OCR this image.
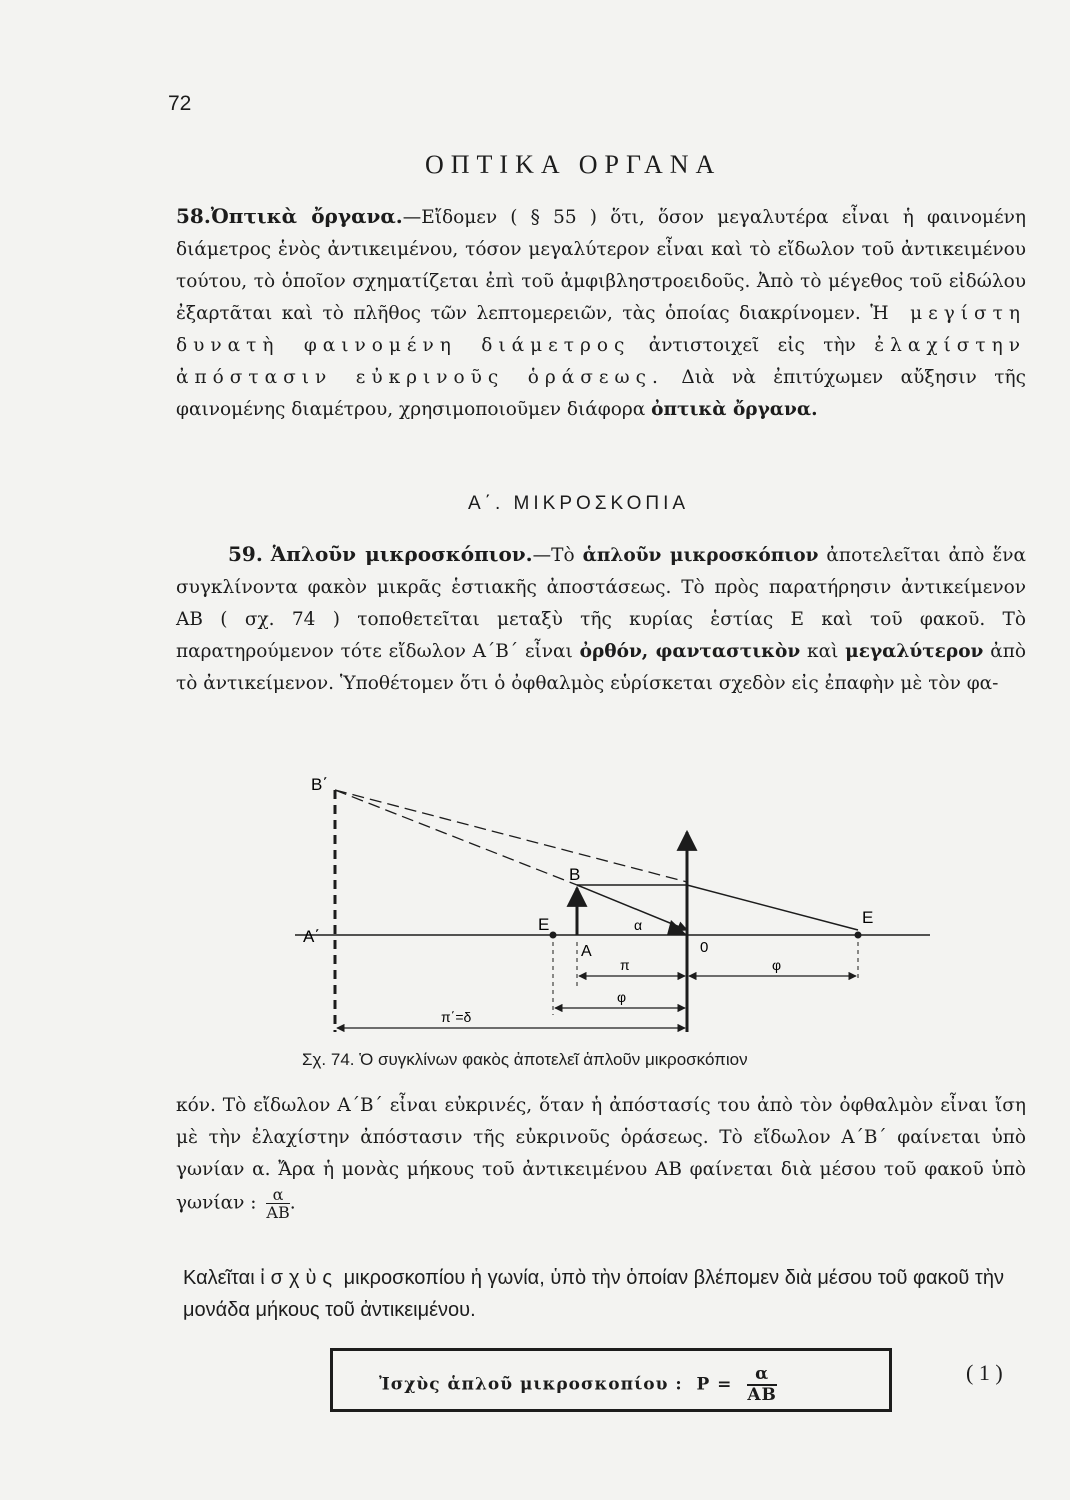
72
ΟΠΤΙΚΑ ΟΡΓΑΝΑ
58.Ὀπτικὰ ὄργανα.—Εἴδομεν ( § 55 ) ὅτι, ὅσον μεγαλυτέρα εἶναι ἡ φαινομένη διάμετρος ἑνὸς ἀντικειμένου, τόσον μεγαλύτερον εἶναι καὶ τὸ εἴδωλον τοῦ ἀντικειμένου τούτου, τὸ ὁποῖον σχηματίζεται ἐπὶ τοῦ ἀμφιβληστροειδοῦς. Ἀπὸ τὸ μέγεθος τοῦ εἰδώλου ἐξαρτᾶται καὶ τὸ πλῆθος τῶν λεπτομερειῶν, τὰς ὁποίας διακρίνομεν. Ἡ μεγίστη δυνατὴ φαινομένη διάμετρος ἀντιστοιχεῖ εἰς τὴν ἐλαχίστην ἀπόστασιν εὐκρινοῦς ὁράσεως. Διὰ νὰ ἐπιτύχωμεν αὔξησιν τῆς φαινομένης διαμέτρου, χρησιμοποιοῦμεν διάφορα ὀπτικὰ ὄργανα.
Α΄. ΜΙΚΡΟΣΚΟΠΙΑ
59. Ἁπλοῦν μικροσκόπιον.—Τὸ ἁπλοῦν μικροσκόπιον ἀποτελεῖται ἀπὸ ἕνα συγκλίνοντα φακὸν μικρᾶς ἑστιακῆς ἀποστάσεως. Τὸ πρὸς παρατήρησιν ἀντικείμενον ΑΒ ( σχ. 74 ) τοποθετεῖται μεταξὺ τῆς κυρίας ἑστίας Ε καὶ τοῦ φακοῦ. Τὸ παρατηρούμενον τότε εἴδωλον Α΄Β΄ εἶναι ὀρθόν, φανταστικὸν καὶ μεγαλύτερον ἀπὸ τὸ ἀντικείμενον. Ὑποθέτομεν ὅτι ὁ ὀφθαλμὸς εὑρίσκεται σχεδὸν εἰς ἐπαφὴν μὲ τὸν φα-
Β΄
Α΄
Β
Α
Ε	Ε
0
α
π	φ
φ
π΄=δ
Σχ. 74. Ὁ συγκλίνων φακὸς ἀποτελεῖ ἁπλοῦν μικροσκόπιον
κόν. Τὸ εἴδωλον Α΄Β΄ εἶναι εὐκρινές, ὅταν ἡ ἀπόστασίς του ἀπὸ τὸν ὀφθαλμὸν εἶναι ἴση μὲ τὴν ἐλαχίστην ἀπόστασιν τῆς εὐκρινοῦς ὁράσεως. Τὸ εἴδωλον Α΄Β΄ φαίνεται ὑπὸ γωνίαν α. Ἄρα ἡ μονὰς μήκους τοῦ ἀντικειμένου ΑΒ φαίνεται διὰ μέσου τοῦ φακοῦ ὑπὸ γωνίαν : $\frac{\alpha}{AB}$ .
Καλεῖται ἰσχὺς μικροσκοπίου ἡ γωνία, ὑπὸ τὴν ὁποίαν βλέπομεν διὰ μέσου τοῦ φακοῦ τὴν μονάδα μήκους τοῦ ἀντικειμένου.
Ἰσχὺς ἁπλοῦ μικροσκοπίου : $P = \frac{\alpha}{AB}$	( 1 )
